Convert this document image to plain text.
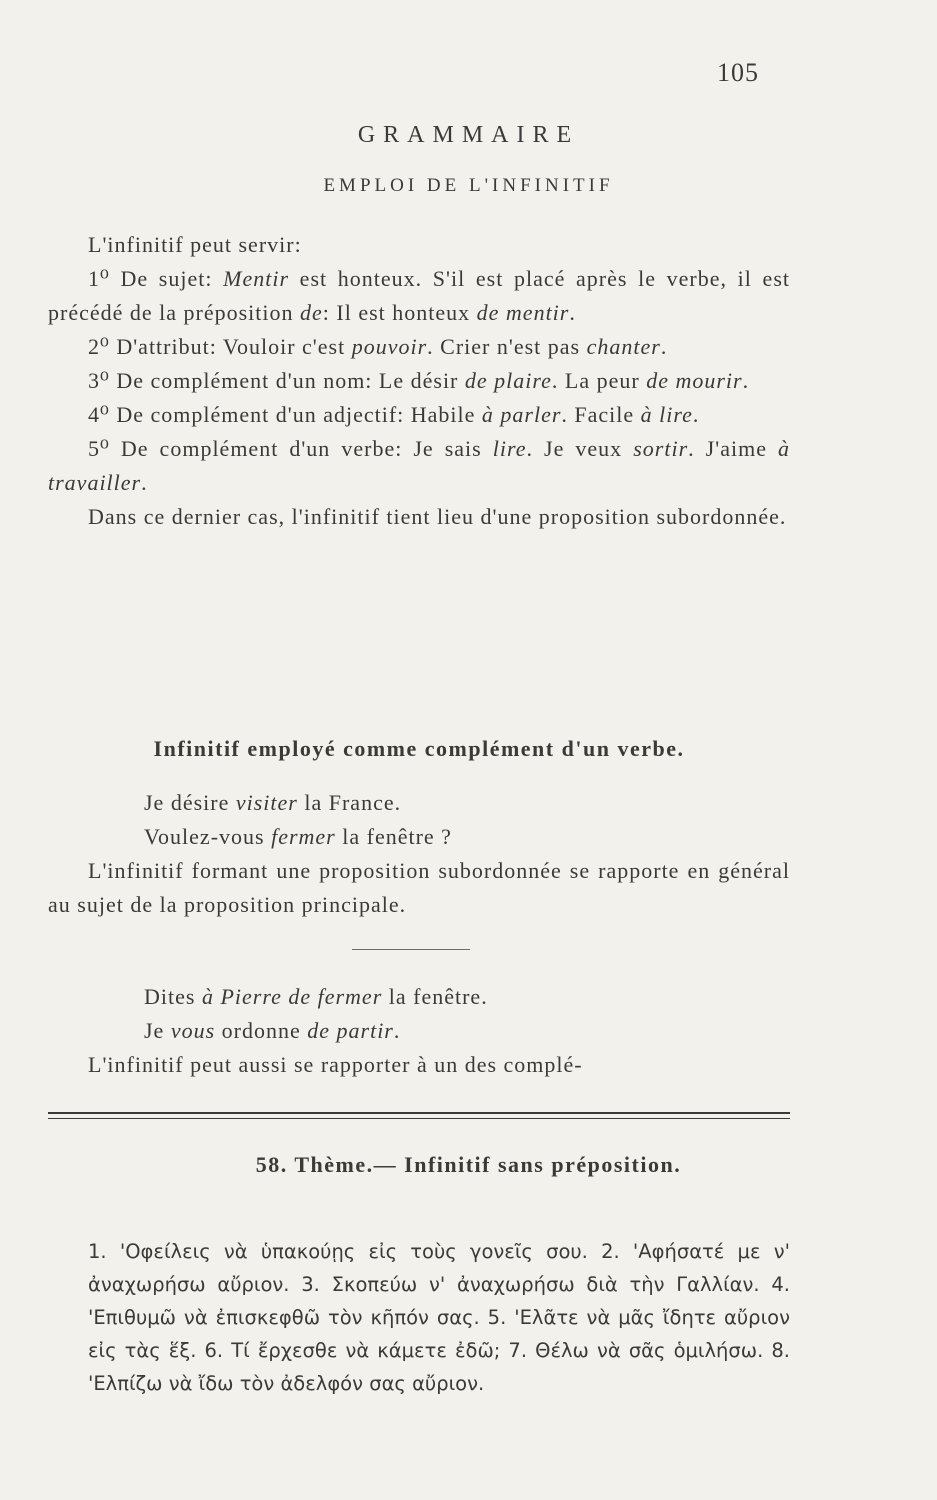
105
GRAMMAIRE
EMPLOI DE L'INFINITIF

L'infinitif peut servir:

1⁰ De sujet: Mentir est honteux. S'il est placé après le verbe, il est précédé de la préposition de: Il est honteux de mentir.

2⁰ D'attribut: Vouloir c'est pouvoir. Crier n'est pas chanter.

3⁰ De complément d'un nom: Le désir de plaire. La peur de mourir.

4⁰ De complément d'un adjectif: Habile à parler. Facile à lire.

5⁰ De complément d'un verbe: Je sais lire. Je veux sortir. J'aime à travailler.

Dans ce dernier cas, l'infinitif tient lieu d'une proposition subordonnée.

Infinitif employé comme complément d'un verbe.

Je désire visiter la France.

Voulez-vous fermer la fenêtre ?

L'infinitif formant une proposition subordonnée se rapporte en général au sujet de la proposition principale.

Dites à Pierre de fermer la fenêtre.

Je vous ordonne de partir.

L'infinitif peut aussi se rapporter à un des complé-

58. Thème.— Infinitif sans préposition.

1. 'Οφείλεις νὰ ὑπακούῃς εἰς τοὺς γονεῖς σου. 2. 'Αφήσατέ με ν' ἀναχωρήσω αὔριον. 3. Σκοπεύω ν' ἀναχωρήσω διὰ τὴν Γαλλίαν. 4. 'Επιθυμῶ νὰ ἐπισκεφθῶ τὸν κῆπόν σας. 5. 'Ελᾶτε νὰ μᾶς ἴδητε αὔριον εἰς τὰς ἕξ. 6. Τί ἔρχεσθε νὰ κάμετε ἐδῶ; 7. Θέλω νὰ σᾶς ὁμιλήσω. 8. 'Ελπίζω νὰ ἴδω τὸν ἀδελφόν σας αὔριον.
